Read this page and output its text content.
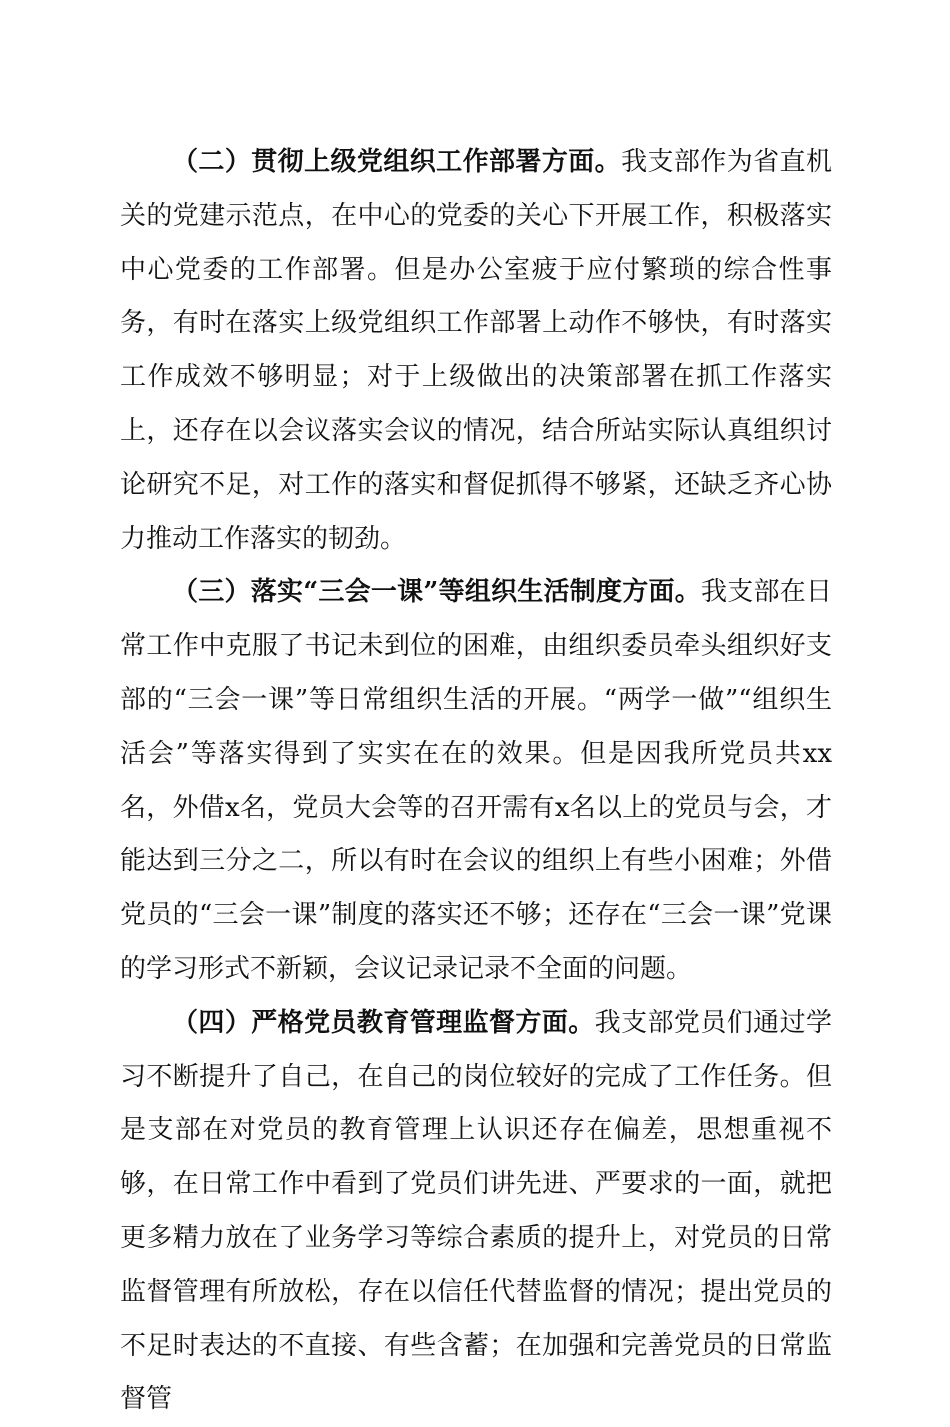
（二）贯彻上级党组织工作部署方面。我支部作为省直机关的党建示范点，在中心的党委的关心下开展工作，积极落实中心党委的工作部署。但是办公室疲于应付繁琐的综合性事务，有时在落实上级党组织工作部署上动作不够快，有时落实工作成效不够明显；对于上级做出的决策部署在抓工作落实上，还存在以会议落实会议的情况，结合所站实际认真组织讨论研究不足，对工作的落实和督促抓得不够紧，还缺乏齐心协力推动工作落实的韧劲。

（三）落实“三会一课”等组织生活制度方面。我支部在日常工作中克服了书记未到位的困难，由组织委员牵头组织好支部的“三会一课”等日常组织生活的开展。“两学一做”“组织生活会”等落实得到了实实在在的效果。但是因我所党员共xx名，外借x名，党员大会等的召开需有x名以上的党员与会，才能达到三分之二，所以有时在会议的组织上有些小困难；外借党员的“三会一课”制度的落实还不够；还存在“三会一课”党课的学习形式不新颖，会议记录记录不全面的问题。

（四）严格党员教育管理监督方面。我支部党员们通过学习不断提升了自己，在自己的岗位较好的完成了工作任务。但是支部在对党员的教育管理上认识还存在偏差，思想重视不够，在日常工作中看到了党员们讲先进、严要求的一面，就把更多精力放在了业务学习等综合素质的提升上，对党员的日常监督管理有所放松，存在以信任代替监督的情况；提出党员的不足时表达的不直接、有些含蓄；在加强和完善党员的日常监督管
